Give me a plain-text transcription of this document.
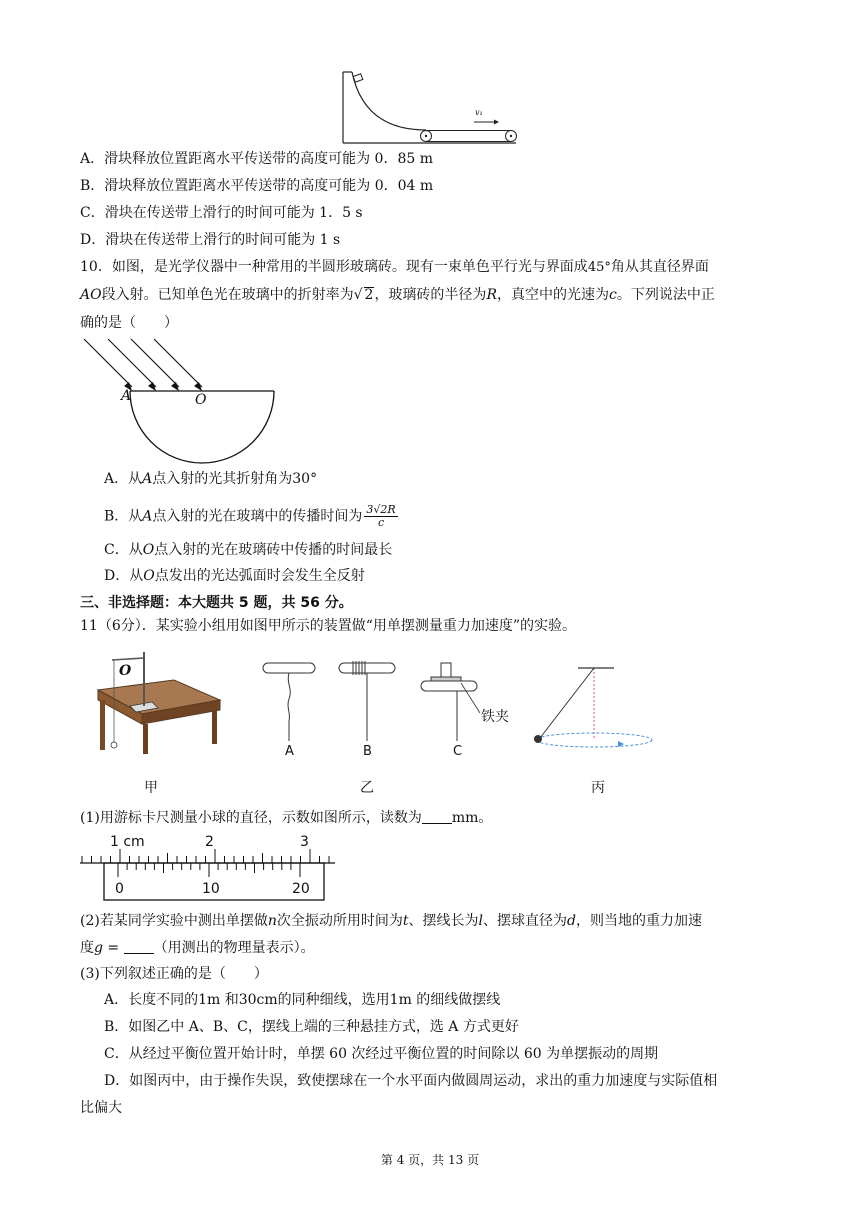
v₁
A．滑块释放位置距离水平传送带的高度可能为 0．85 m
B．滑块释放位置距离水平传送带的高度可能为 0．04 m
C．滑块在传送带上滑行的时间可能为 1．5 s
D．滑块在传送带上滑行的时间可能为 1 s
10．如图，是光学仪器中一种常用的半圆形玻璃砖。现有一束单色平行光与界面成45°角从其直径界面
AO段入射。已知单色光在玻璃中的折射率为√ 2，玻璃砖的半径为R，真空中的光速为c。下列说法中正
确的是（　　）
A	O
A．从A点入射的光其折射角为30°
B．从A点入射的光在玻璃中的传播时间为 $\frac{3√2R}{c}$
C．从O点入射的光在玻璃砖中传播的时间最长
D．从O点发出的光达弧面时会发生全反射
三、非选择题：本大题共 5 题，共 56 分。
11（6分）．某实验小组用如图甲所示的装置做“用单摆测量重力加速度”的实验。
O
甲
A	B	C
铁夹
乙	丙
(1)用游标卡尺测量小球的直径，示数如图所示，读数为 mm。
1 cm	2	3
0	10	20
(2)若某同学实验中测出单摆做n次全振动所用时间为t、摆线长为l、摆球直径为d，则当地的重力加速
度g = （用测出的物理量表示）。
(3)下列叙述正确的是（　　）
A．长度不同的1m 和30cm的同种细线，选用1m 的细线做摆线
B．如图乙中 A、B、C，摆线上端的三种悬挂方式，选 A 方式更好
C．从经过平衡位置开始计时，单摆 60 次经过平衡位置的时间除以 60 为单摆振动的周期
D．如图丙中，由于操作失误，致使摆球在一个水平面内做圆周运动，求出的重力加速度与实际值相
比偏大
第 4 页，共 13 页
